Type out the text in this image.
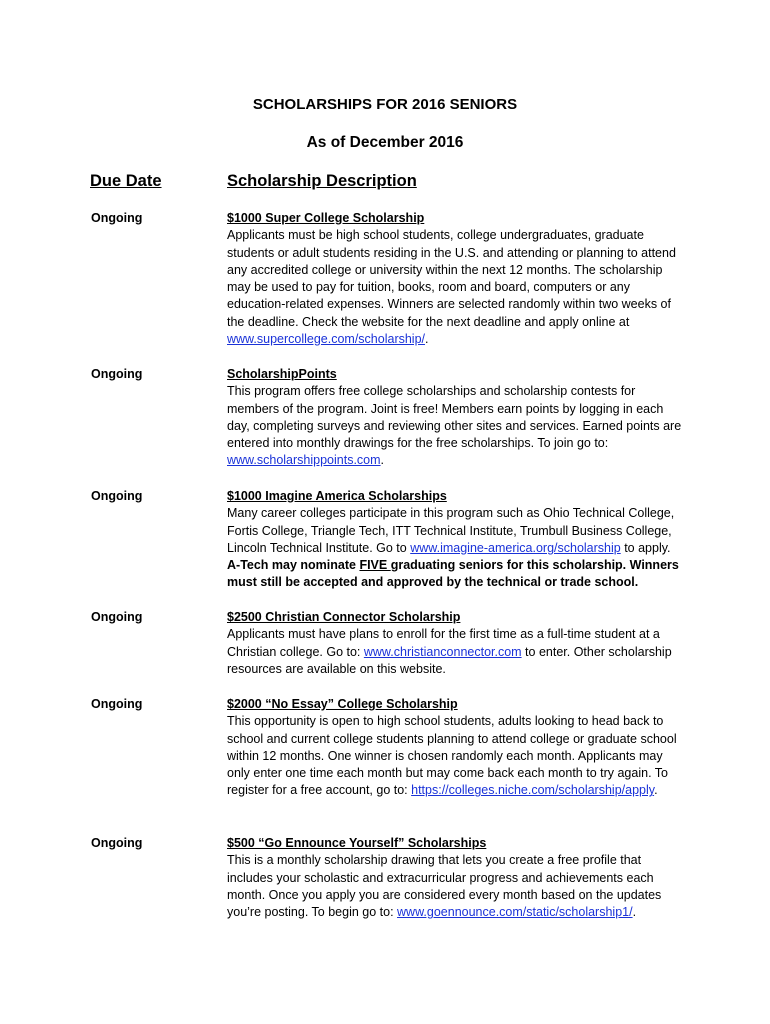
SCHOLARSHIPS FOR 2016 SENIORS
As of December 2016
Due Date	Scholarship Description
Ongoing	$1000 Super College Scholarship
Applicants must be high school students, college undergraduates, graduate students or adult students residing in the U.S. and attending or planning to attend any accredited college or university within the next 12 months. The scholarship may be used to pay for tuition, books, room and board, computers or any education-related expenses. Winners are selected randomly within two weeks of the deadline. Check the website for the next deadline and apply online at www.supercollege.com/scholarship/.
Ongoing	ScholarshipPoints
This program offers free college scholarships and scholarship contests for members of the program. Joint is free! Members earn points by logging in each day, completing surveys and reviewing other sites and services. Earned points are entered into monthly drawings for the free scholarships. To join go to: www.scholarshippoints.com.
Ongoing	$1000 Imagine America Scholarships
Many career colleges participate in this program such as Ohio Technical College, Fortis College, Triangle Tech, ITT Technical Institute, Trumbull Business College, Lincoln Technical Institute. Go to www.imagine-america.org/scholarship to apply. A-Tech may nominate FIVE graduating seniors for this scholarship. Winners must still be accepted and approved by the technical or trade school.
Ongoing	$2500 Christian Connector Scholarship
Applicants must have plans to enroll for the first time as a full-time student at a Christian college. Go to: www.christianconnector.com to enter. Other scholarship resources are available on this website.
Ongoing	$2000 “No Essay” College Scholarship
This opportunity is open to high school students, adults looking to head back to school and current college students planning to attend college or graduate school within 12 months. One winner is chosen randomly each month. Applicants may only enter one time each month but may come back each month to try again. To register for a free account, go to: https://colleges.niche.com/scholarship/apply.
Ongoing	$500 “Go Ennounce Yourself” Scholarships
This is a monthly scholarship drawing that lets you create a free profile that includes your scholastic and extracurricular progress and achievements each month. Once you apply you are considered every month based on the updates you’re posting. To begin go to: www.goennounce.com/static/scholarship1/.
